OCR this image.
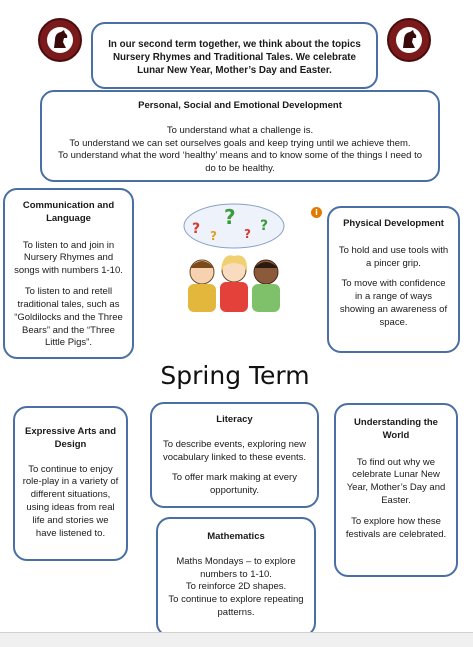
In our second term together, we think about the topics Nursery Rhymes and Traditional Tales. We celebrate Lunar New Year, Mother’s Day and Easter.
Personal, Social and Emotional Development
To understand what a challenge is.
To understand we can set ourselves goals and keep trying until we achieve them.
To understand what the word ‘healthy’ means and to know some of the things I need to do to be healthy.
Communication and Language

To listen to and join in Nursery Rhymes and songs with numbers 1-10.

To listen to and retell traditional tales, such as “Goldilocks and the Three Bears” and the “Three Little Pigs”.

? ?
?
? ?
i
Physical Development

To hold and use tools with a pincer grip.

To move with confidence in a range of ways showing an awareness of space.

Spring Term
Expressive Arts and Design

To continue to enjoy role-play in a variety of different situations, using ideas from real life and stories we have listened to.

Literacy

To describe events, exploring new vocabulary linked to these events.

To offer mark making at every opportunity.

Understanding the World

To find out why we celebrate Lunar New Year, Mother’s Day and Easter.

To explore how these festivals are celebrated.

Mathematics
Maths Mondays – to explore numbers to 1-10.
To reinforce 2D shapes.
To continue to explore repeating patterns.
